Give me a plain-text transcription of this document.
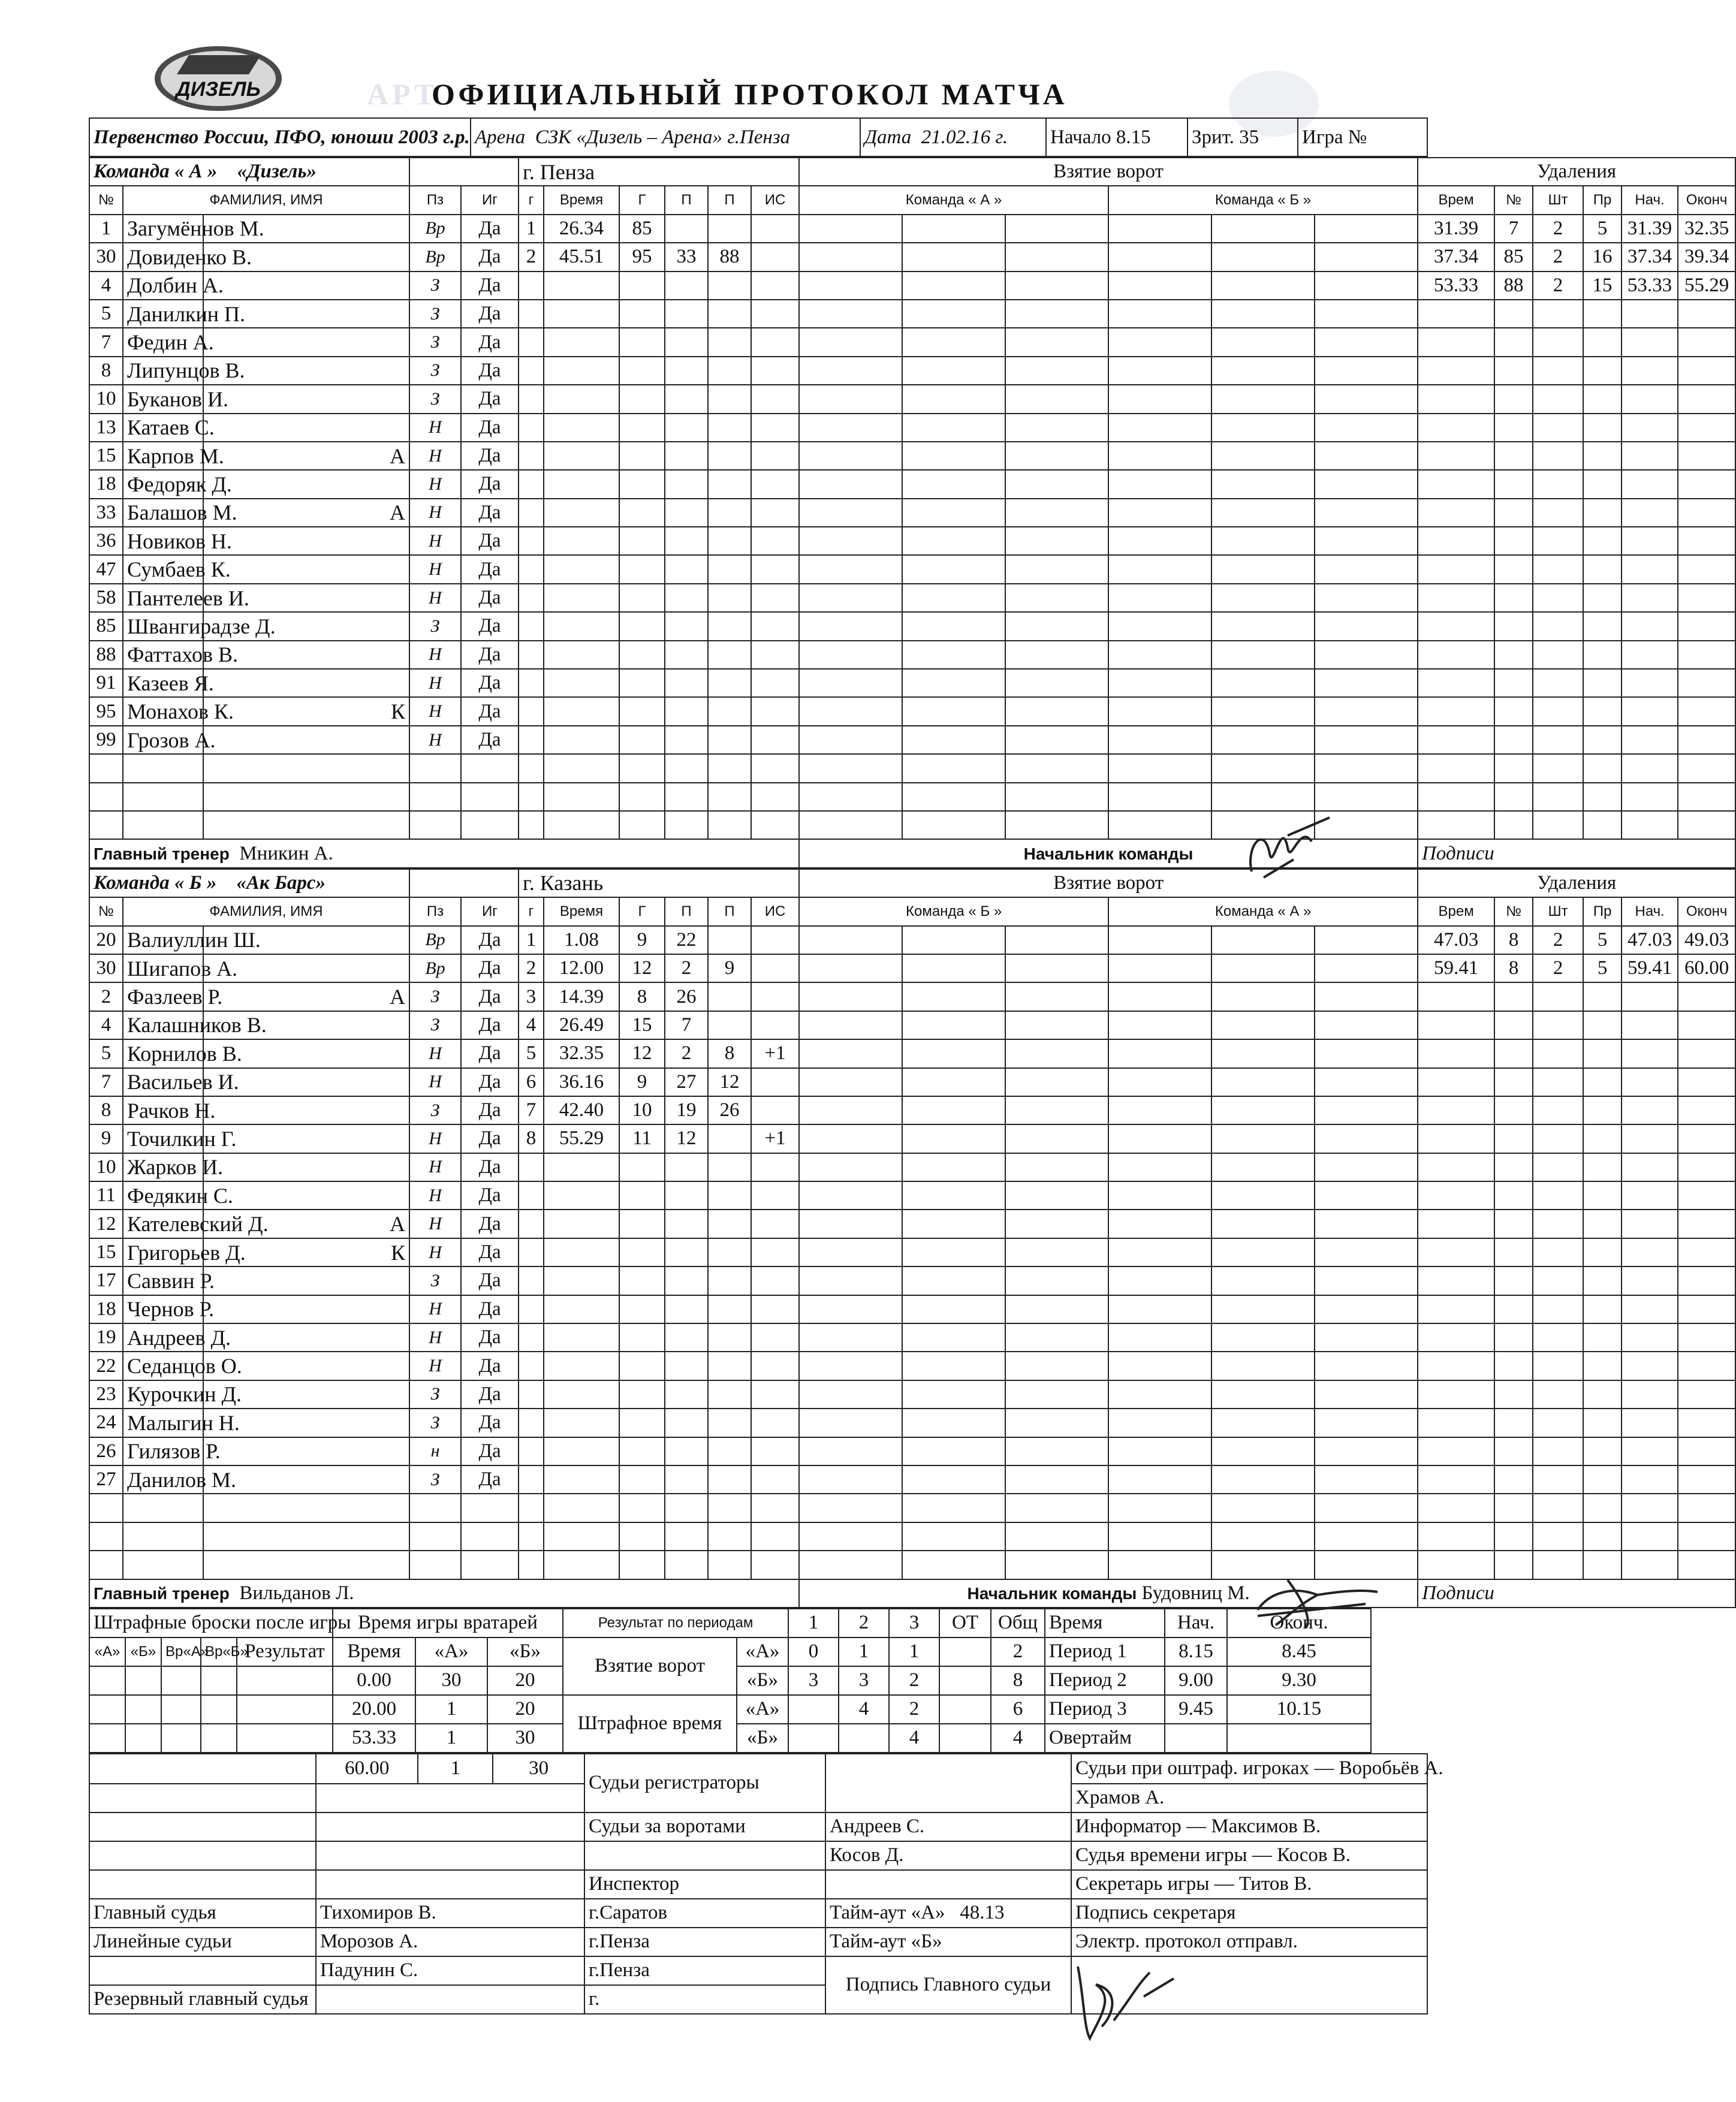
АРТ
ДИЗЕЛЬ	ОФИЦИАЛЬНЫЙ ПРОТОКОЛ МАТЧА
Первенство России, ПФО, юноши 2003 г.р.	Арена СЗК «Дизель – Арена» г.Пенза	Дата 21.02.16 г.	Начало 8.15	Зрит. 35	Игра №
Команда « А » «Дизель»					г. Пенза						Взятие ворот						Удаления					
№	ФАМИЛИЯ, ИМЯ		Пз	Иг	г	Время	Г	П	П	ИС	Команда « А »			Команда « Б »			Врем	№	Шт	Пр	Нач.	Оконч
1	Загумённов М.		Вр	Да	1	26.34	85										31.39	7	2	5	31.39	32.35
30	Довиденко В.		Вр	Да	2	45.51	95	33	88								37.34	85	2	16	37.34	39.34
4	Долбин А.		З	Да													53.33	88	2	15	53.33	55.29
5	Данилкин П.		З	Да																		
7	Федин А.		З	Да																		
8	Липунцов В.		З	Да																		
10	Буканов И.		З	Да																		
13	Катаев С.		Н	Да																		
15	Карпов М.	А	Н	Да																		
18	Федоряк Д.		Н	Да																		
33	Балашов М.	А	Н	Да																		
36	Новиков Н.		Н	Да																		
47	Сумбаев К.		Н	Да																		
58	Пантелеев И.		Н	Да																		
85	Швангирадзе Д.		З	Да																		
88	Фаттахов В.		Н	Да																		
91	Казеев Я.		Н	Да																		
95	Монахов К.	К	Н	Да																		
99	Грозов А.		Н	Да																		

Главный тренер Мникин А.											Начальник команды						Подписи					
Команда « Б » «Ак Барс»					г. Казань						Взятие ворот						Удаления					
№	ФАМИЛИЯ, ИМЯ		Пз	Иг	г	Время	Г	П	П	ИС	Команда « Б »			Команда « А »			Врем	№	Шт	Пр	Нач.	Оконч
20	Валиуллин Ш.		Вр	Да	1	1.08	9	22									47.03	8	2	5	47.03	49.03
30	Шигапов А.		Вр	Да	2	12.00	12	2	9								59.41	8	2	5	59.41	60.00
2	Фазлеев Р.	А	З	Да	3	14.39	8	26														
4	Калашников В.		З	Да	4	26.49	15	7														
5	Корнилов В.		Н	Да	5	32.35	12	2	8	+1												
7	Васильев И.		Н	Да	6	36.16	9	27	12													
8	Рачков Н.		З	Да	7	42.40	10	19	26													
9	Точилкин Г.		Н	Да	8	55.29	11	12		+1												
10	Жарков И.		Н	Да																		
11	Федякин С.		Н	Да																		
12	Кателевский Д.	А	Н	Да																		
15	Григорьев Д.	К	Н	Да																		
17	Саввин Р.		З	Да																		
18	Чернов Р.		Н	Да																		
19	Андреев Д.		Н	Да																		
22	Седанцов О.		Н	Да																		
23	Курочкин Д.		З	Да																		
24	Малыгин Н.		З	Да																		
26	Гилязов Р.		н	Да																		
27	Данилов М.		З	Да																		

Главный тренер Вильданов Л.											Начальник команды Будовниц М.						Подписи					
Штрафные броски после игры					Время игры вратарей			Результат по периодам		1	2	3	ОТ	Общ	Время	Нач.	Оконч.
«А»	«Б»	Вр«А»	Вр«Б»	Результат	Время	«А»	«Б»	Взятие ворот	«А»	0	1	1		2	Период 1	8.15	8.45
					0.00	30	20		«Б»	3	3	2		8	Период 2	9.00	9.30
					20.00	1	20	Штрафное время	«А»		4	2		6	Период 3	9.45	10.15
					53.33	1	30		«Б»			4		4	Овертайм		

60.00	1	30
	Судьи регистраторы		Судьи при оштраф. игроках — Воробьёв А.
		Храмов А.
		Судьи за воротами	Андреев С.	Информатор — Максимов В.
			Косов Д.	Судья времени игры — Косов В.
		Инспектор		Секретарь игры — Титов В.
Главный судья	Тихомиров В.	г.Саратов	Тайм-аут «А» 48.13	Подпись секретаря
Линейные судьи	Морозов А.	г.Пенза	Тайм-аут «Б»	Электр. протокол отправл.
	Падунин С.	г.Пенза	Подпись Главного судьи	
Резервный главный судья		г.
